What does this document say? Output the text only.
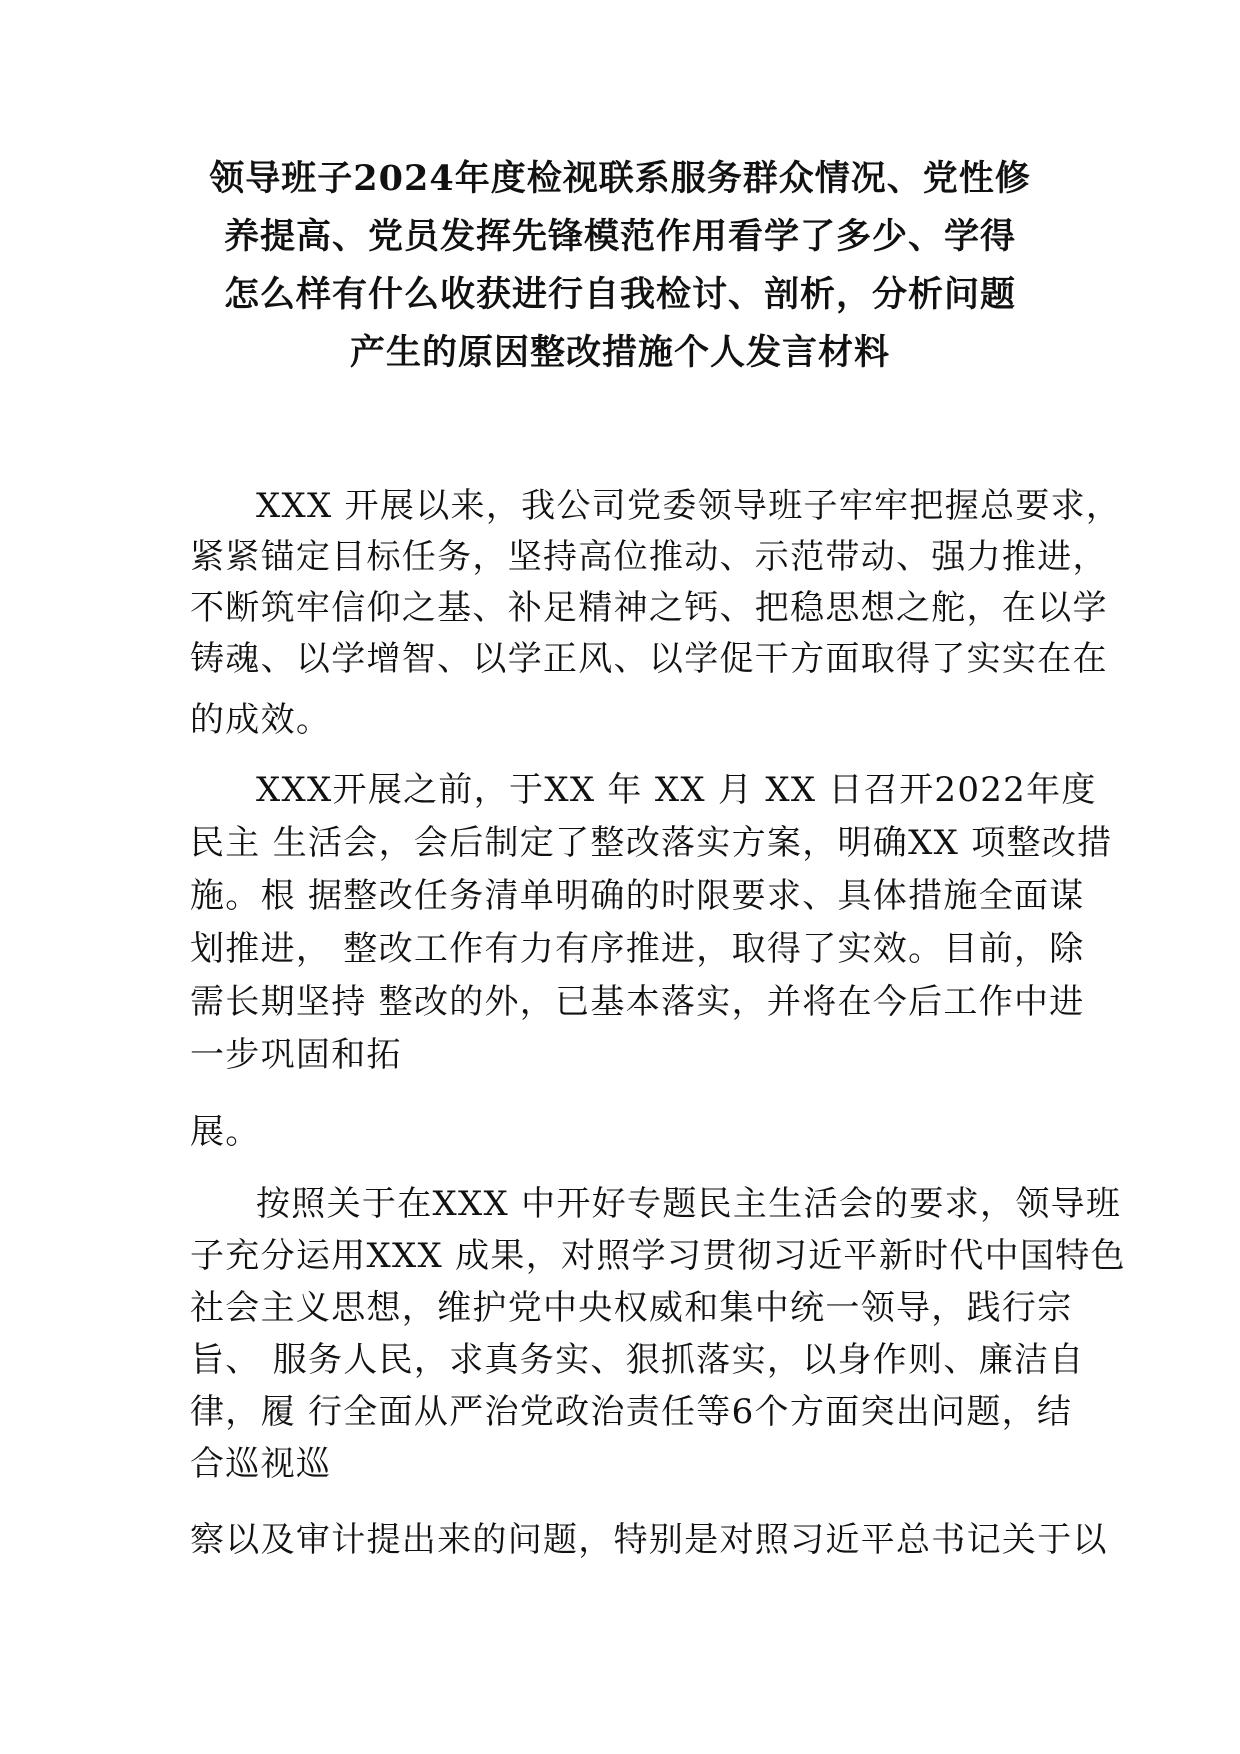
领导班子2024年度检视联系服务群众情况、党性修
养提高、党员发挥先锋模范作用看学了多少、学得
怎么样有什么收获进行自我检讨、剖析，分析问题
产生的原因整改措施个人发言材料
XXX 开展以来，我公司党委领导班子牢牢把握总要求，
紧紧锚定目标任务，坚持高位推动、示范带动、强力推进，
不断筑牢信仰之基、补足精神之钙、把稳思想之舵，在以学
铸魂、以学增智、以学正风、以学促干方面取得了实实在在
的成效。
XXX开展之前，于XX 年 XX 月 XX 日召开2022年度
民主 生活会，会后制定了整改落实方案，明确XX 项整改措
施。根 据整改任务清单明确的时限要求、具体措施全面谋
划推进， 整改工作有力有序推进，取得了实效。目前，除
需长期坚持 整改的外，已基本落实，并将在今后工作中进
一步巩固和拓
展。
按照关于在XXX 中开好专题民主生活会的要求，领导班
子充分运用XXX 成果，对照学习贯彻习近平新时代中国特色
社会主义思想，维护党中央权威和集中统一领导，践行宗
旨、 服务人民，求真务实、狠抓落实，以身作则、廉洁自
律，履 行全面从严治党政治责任等6个方面突出问题，结
合巡视巡
察以及审计提出来的问题，特别是对照习近平总书记关于以
